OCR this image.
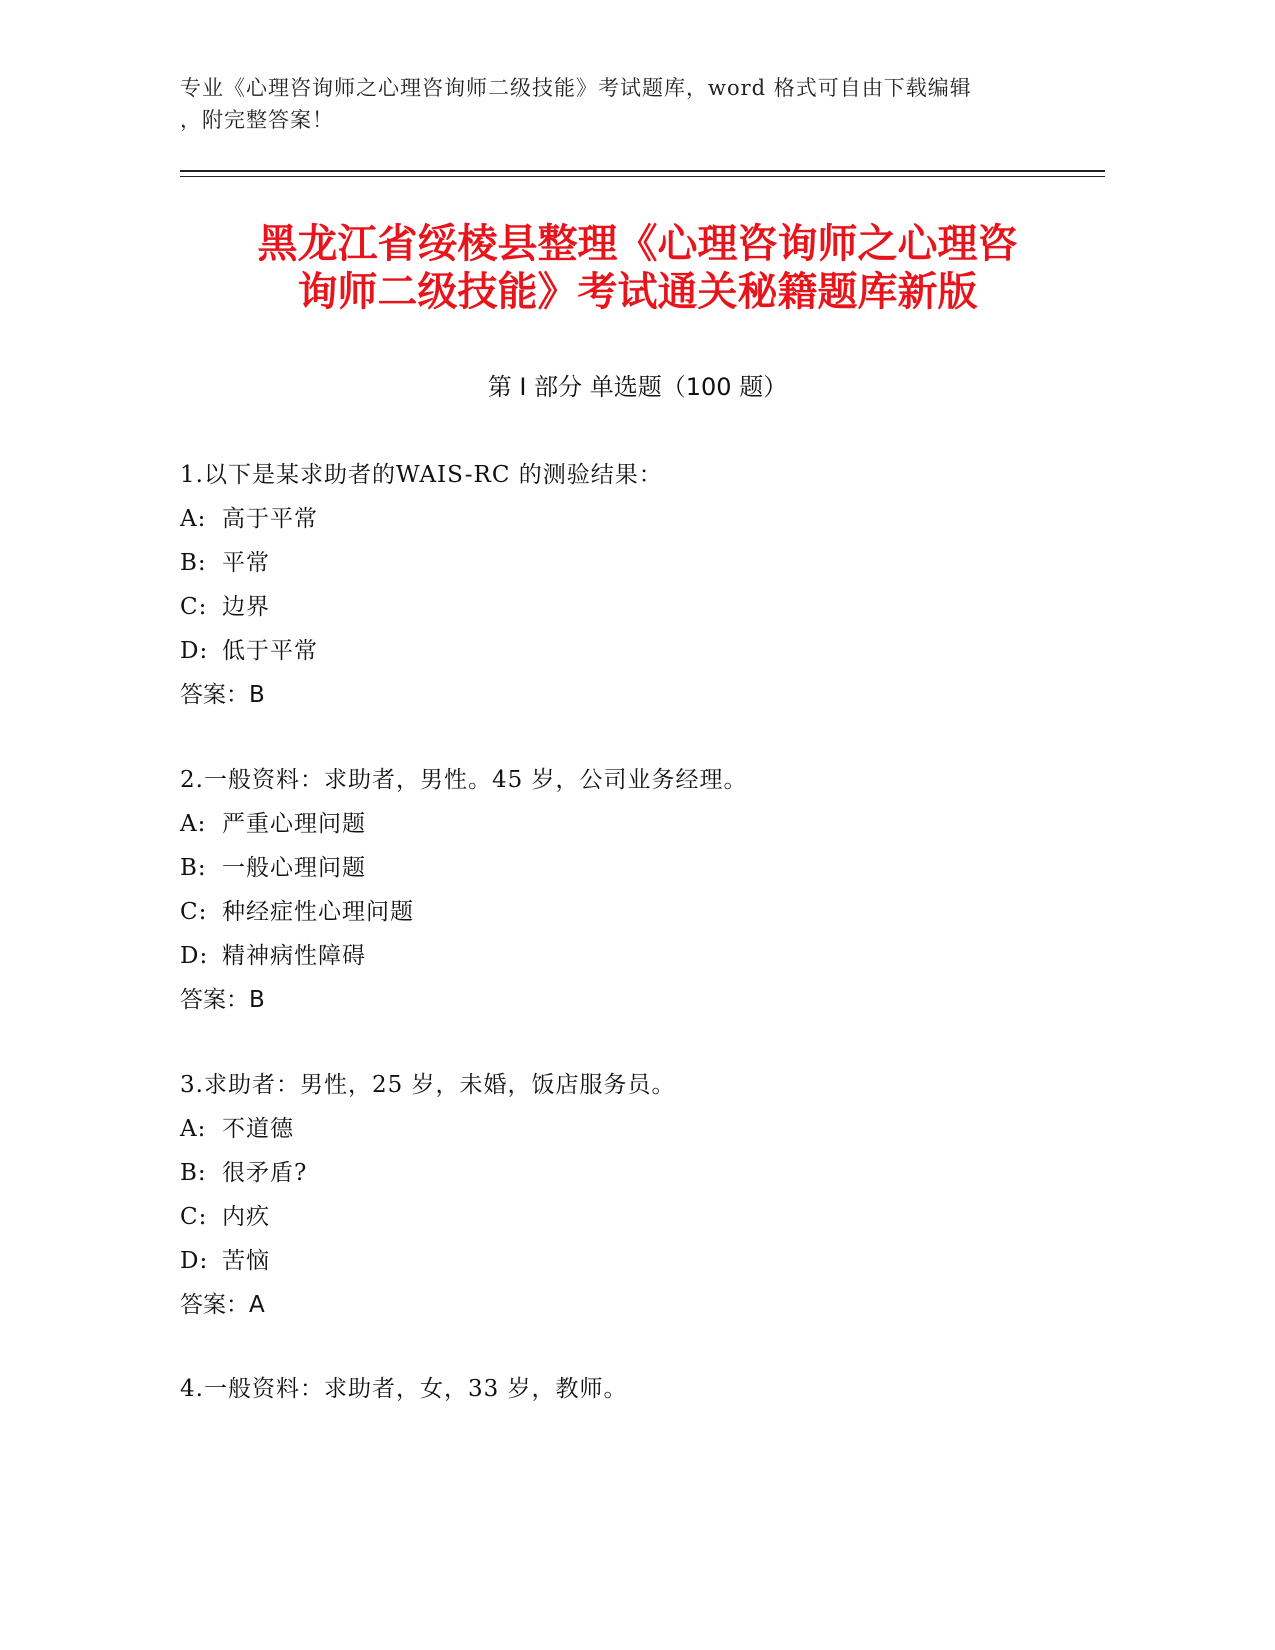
专业《心理咨询师之心理咨询师二级技能》考试题库，word 格式可自由下载编辑
，附完整答案！
黑龙江省绥棱县整理《心理咨询师之心理咨
询师二级技能》考试通关秘籍题库新版
第 I 部分 单选题（100 题）
1.以下是某求助者的WAIS-RC 的测验结果：
A: 高于平常
B: 平常
C: 边界
D: 低于平常
答案：B
2.一般资料：求助者，男性。45 岁，公司业务经理。
A: 严重心理问题
B: 一般心理问题
C: 种经症性心理问题
D: 精神病性障碍
答案：B
3.求助者：男性，25 岁，未婚，饭店服务员。
A: 不道德
B: 很矛盾?
C: 内疚
D: 苦恼
答案：A
4.一般资料：求助者，女，33 岁，教师。
